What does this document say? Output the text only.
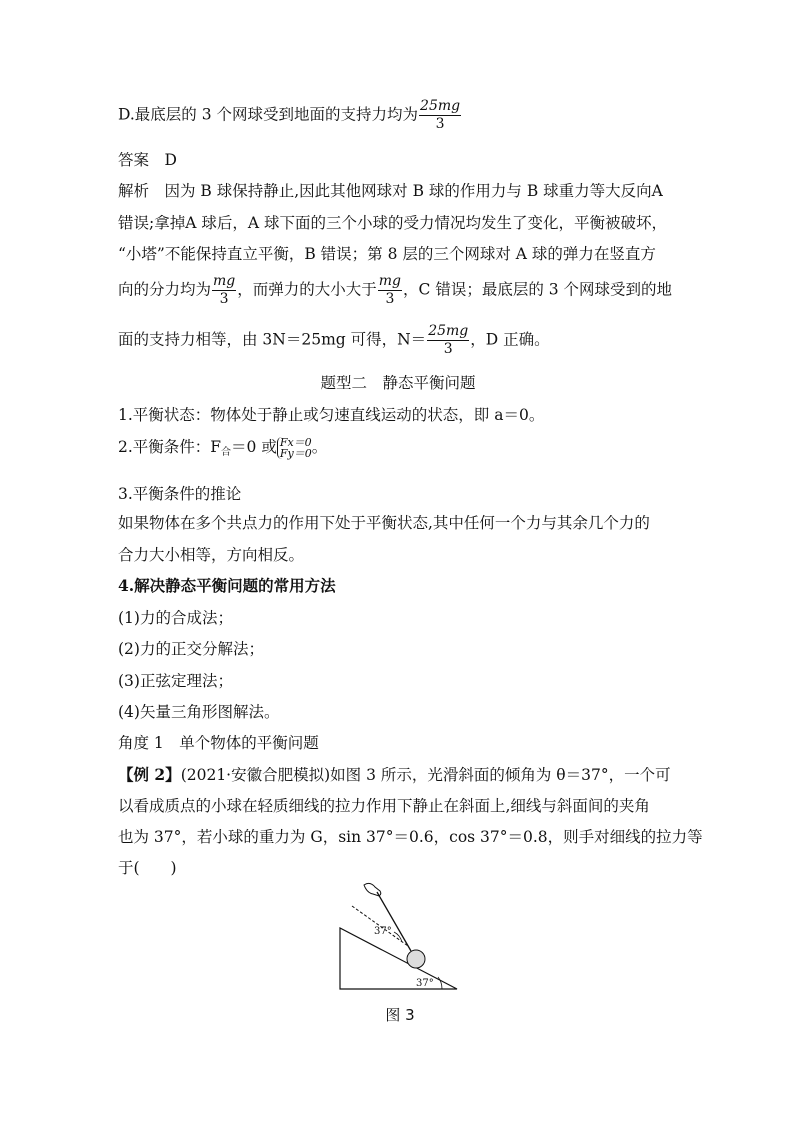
D.最底层的 3 个网球受到地面的支持力均为 $\frac{25mg}{3}$
答案　D
解析　因为 B 球保持静止,因此其他网球对 B 球的作用力与 B 球重力等大反向A
错误;拿掉A 球后，A 球下面的三个小球的受力情况均发生了变化，平衡被破坏，
“小塔”不能保持直立平衡，B 错误；第 8 层的三个网球对 A 球的弹力在竖直方
向的分力均为 $\frac{mg}{3}$ ，而弹力的大小大于 $\frac{mg}{3}$ ，C 错误；最底层的 3 个网球受到的地
面的支持力相等，由 3N＝25mg 可得，$N= \frac{25mg}{3}$ ，D 正确。
题型二　静态平衡问题
1.平衡状态：物体处于静止或匀速直线运动的状态，即 a＝0。
2.平衡条件：$F_合=0$ 或 Fx＝0
Fy＝0 。
3.平衡条件的推论
如果物体在多个共点力的作用下处于平衡状态,其中任何一个力与其余几个力的
合力大小相等，方向相反。
4.解决静态平衡问题的常用方法
(1)力的合成法；
(2)力的正交分解法；
(3)正弦定理法；
(4)矢量三角形图解法。
角度 1　单个物体的平衡问题
【例 2】(2021·安徽合肥模拟)如图 3 所示，光滑斜面的倾角为 θ＝37°，一个可
以看成质点的小球在轻质细线的拉力作用下静止在斜面上,细线与斜面间的夹角
也为 37°，若小球的重力为 G，sin 37°＝0.6，cos 37°＝0.8，则手对细线的拉力等
于(　　)
37°
37°
图 3
